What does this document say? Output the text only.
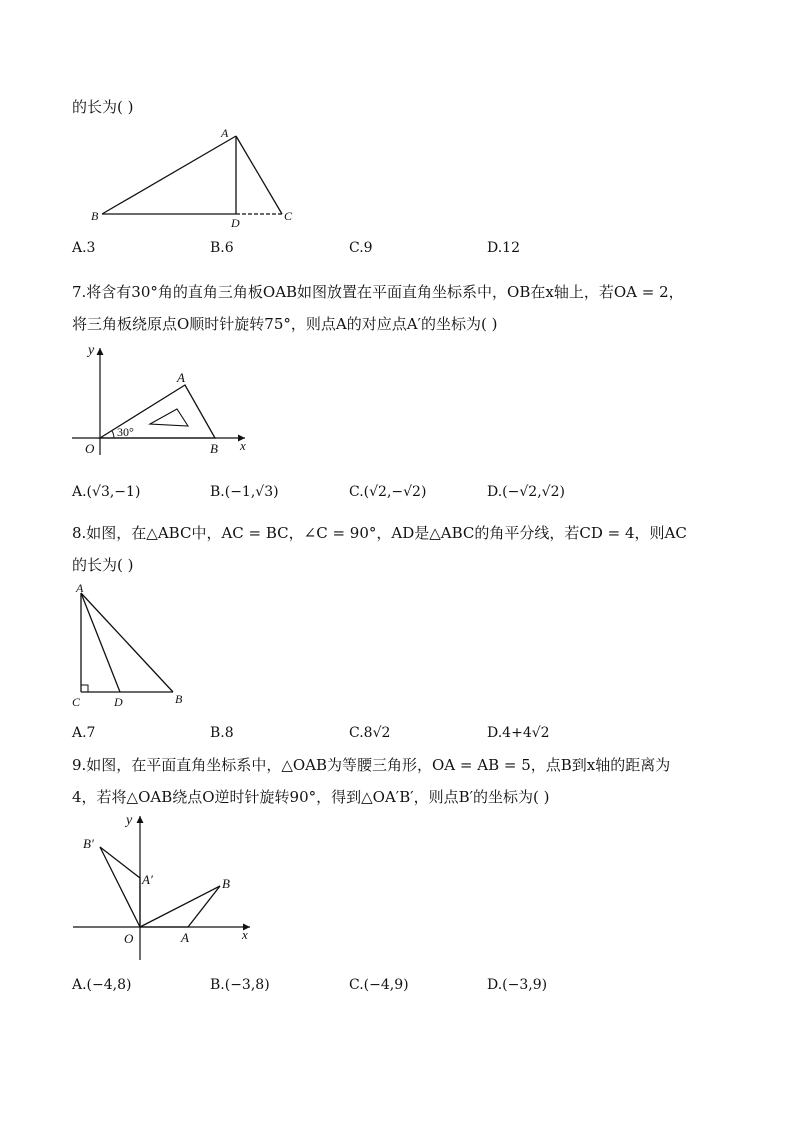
的长为( )
A
B	C
D
A.3	B.6	C.9	D.12
7.将含有30°角的直角三角板OAB如图放置在平面直角坐标系中，OB在x轴上，若OA = 2，
将三角板绕原点O顺时针旋转75°，则点A的对应点A′的坐标为( )
y
A
O	B x
30°
A.(√3,−1)	B.(−1,√3)	C.(√2,−√2)	D.(−√2,√2)
8.如图，在△ABC中，AC = BC，∠C = 90°，AD是△ABC的角平分线，若CD = 4，则AC
的长为( )
A
C	D	B
A.7	B.8	C.8√2	D.4+4√2
9.如图，在平面直角坐标系中，△OAB为等腰三角形，OA = AB = 5，点B到x轴的距离为
4，若将△OAB绕点O逆时针旋转90°，得到△OA′B′，则点B′的坐标为( )
y
B′
A′	B
O	A	x
A.(−4,8)	B.(−3,8)	C.(−4,9)	D.(−3,9)
